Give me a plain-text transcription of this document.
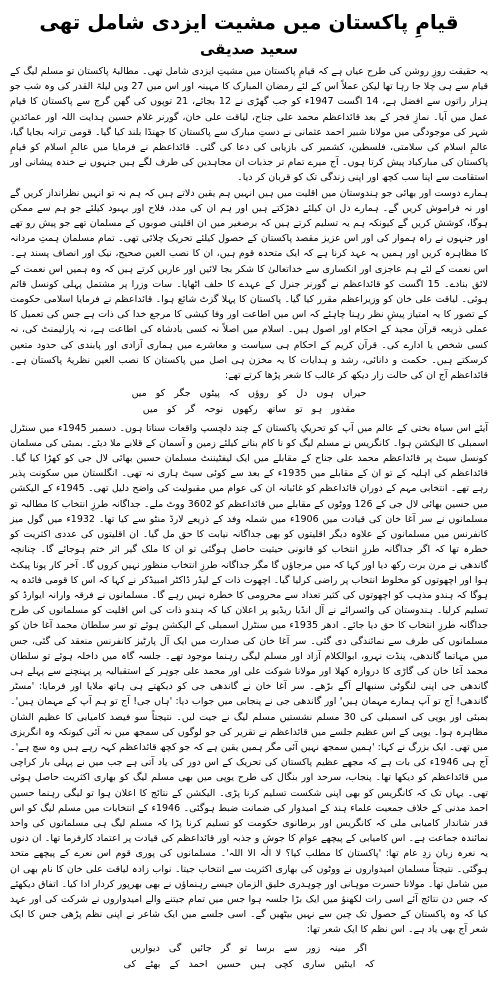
قیامِ پاکستان میں مشیت ایزدی شامل تھی
سعید صدیقی

یہ حقیقت روزِ روشن کی طرح عیاں ہے کہ قیامِ پاکستان میں مشیتِ ایزدی شامل تھی۔ مطالبۂ پاکستان تو مسلم لیگ کے قیام سے ہی چلا جا رہا تھا لیکن عملاً اس کے لئے رمضان المبارک کا مہینہ اور اس میں 27 ویں لیلۃ القدر کی وہ شب جو ہزار راتوں سے افضل ہے، 14 اگست 1947ء کو جب گھڑی نے 12 بجائے، 21 توپوں کی گھن گرج سے پاکستان کا قیام عمل میں آیا۔ نمازِ فجر کے بعد قائداعظم محمد علی جناح، لیاقت علی خان، گورنر غلام حسین ہدایت اللہ اور عمائدینِ شہر کی موجودگی میں مولانا شبیر احمد عثمانی نے دستِ مبارک سے پاکستان کا جھنڈا بلند کیا گیا۔ قومی ترانہ بجایا گیا، عالمِ اسلام کی سلامتی، فلسطین، کشمیر کی بازیابی کی دعا کی گئی۔ قائداعظم نے فرمایا میں عالمِ اسلام کو قیامِ پاکستان کی مبارکباد پیش کرتا ہوں۔ آج میرے تمام تر جذبات ان مجاہدین کی طرف لگے ہیں جنہوں نے خندہ پیشانی اور استقامت سے اپنا سب کچھ اور اپنی زندگی تک کو قربان کر دیا۔

ہمارے دوست اور بھائی جو ہندوستان میں اقلیت میں ہیں انہیں ہم یقین دلاتے ہیں کہ ہم نہ تو انہیں نظرانداز کریں گے اور نہ فراموش کریں گے۔ ہمارے دل ان کیلئے دھڑکتے ہیں اور ہم ان کی مدد، فلاح اور بہبود کیلئے جو ہم سے ممکن ہوگا، کوشش کریں گے کیونکہ ہم یہ تسلیم کرتے ہیں کہ برصغیر میں ان اقلیتی صوبوں کے مسلمان تھے جو پیش رو تھے اور جنہوں نے راہ ہموار کی اور اس عزیز مقصد پاکستان کے حصول کیلئے تحریک چلائی تھی۔ تمام مسلمان ہمتِ مردانہ کا مظاہرہ کریں اور ہمیں یہ عہد کرنا ہے کہ ایک متحدہ قوم ہیں، ان کا نصب العین صحیح، نیک اور انصاف پسند ہے۔ اس نعمت کے لئے ہم عاجزی اور انکساری سے خداتعالیٰ کا شکر بجا لائیں اور عاریں کرتے ہیں کہ وہ ہمیں اس نعمت کے لائق بنادے۔ 15 اگست کو قائداعظم نے گورنر جنرل کے عہدے کا حلف اٹھایا۔ سات وزرا پر مشتمل پہلی کونسل قائم ہوئی۔ لیاقت علی خان کو وزیراعظم مقرر کیا گیا۔ پاکستان کا پہلا گزٹ شائع ہوا۔ قائداعظم نے فرمایا اسلامی حکومت کے تصور کا یہ امتیاز پیشِ نظر رہنا چاہئے کہ اس میں اطاعت اور وفا کیشی کا مرجع خدا کی ذات ہے جس کی تعمیل کا عملی ذریعہ قرآن مجید کے احکام اور اصول ہیں۔ اسلام میں اصلاً نہ کسی بادشاہ کی اطاعت ہے، نہ پارلیمنٹ کی، نہ کسی شخص یا ادارے کی۔ قرآن کریم کے احکام ہی سیاست و معاشرے میں ہماری آزادی اور پابندی کی حدود متعین کرسکتے ہیں۔ حکمت و دانائی، رشد و ہدایات کا یہ مخزن ہی اصل میں پاکستان کا نصب العین نظریۂ پاکستان ہے۔ قائداعظم آج ان کی حالت زار دیکھ کر غالب کا شعر پڑھا کرتے تھے:

حیراں ہوں دل کو روؤں کہ پیٹوں جگر کو میں
مقدور ہو تو ساتھ رکھوں نوحہ گر کو میں

آیئے اس سیاہ بختی کے عالم میں آپ کو تحریکِ پاکستان کے چند دلچسپ واقعات سناتا ہوں۔ دسمبر 1945ء میں سنٹرل اسمبلی کا الیکشن ہوا۔ کانگریس نے مسلم لیگ کو نا کام بنانے کیلئے زمین و آسمان کے قلابے ملا دیئے۔ بمبئی کی مسلمان کونسل سیٹ پر قائداعظم محمد علی جناح کے مقابلے میں ایک لیفٹیننٹ مسلمان حسین بھائی لال جی کو کھڑا کیا گیا۔ قائداعظم کی اہلیہ کے تو ان کے مقابلے میں 1935ء کے بعد سے کوئی سیٹ ہاری نہ تھی۔ انگلستان میں سکونت پذیر رہے تھے۔ انتخابی مہم کے دوران قائداعظم کو غائبانہ ان کی عوام میں مقبولیت کی واضح دلیل تھی۔ 1945ء کے الیکشن میں حسین بھائی لال جی کے 126 ووٹوں کے مقابلے میں قائداعظم کو 3602 ووٹ ملے۔ جداگانہ طرزِ انتخاب کا مطالبہ تو مسلمانوں نے سر آغا خان کی قیادت میں 1906ء میں شملہ وفد کے ذریعے لارڈ منٹو سے کیا تھا۔ 1932ء میں گول میز کانفرنس میں مسلمانوں کے علاوہ دیگر اقلیتوں کو بھی جداگانہ نیابت کا حق مل گیا۔ ان اقلیتوں کی عددی اکثریت کو خطرہ تھا کہ اگر جداگانہ طرزِ انتخاب کو قانونی حیثیت حاصل ہوگئی تو ان کا ملک گیر اثر ختم ہوجائے گا۔ چنانچہ گاندھی نے مرن برت رکھ دیا اور کہا کہ میں مرجاؤں گا مگر جداگانہ طرزِ انتخاب منظور نہیں کروں گا۔ آخر کار پونا پیکٹ ہوا اور اچھوتوں کو مخلوط انتخاب پر راضی کرلیا گیا۔ اچھوت ذات کے لیڈر ڈاکٹر امبیڈکر نے کہا کہ اس کا قومی فائدہ یہ ہوگا کہ ہندو مذہب کو اچھوتوں کی کثیر تعداد سے محرومی کا خطرہ نہیں رہے گا۔ مسلمانوں نے فرقہ وارانہ ایوارڈ کو تسلیم کرلیا۔ ہندوستان کی وائسرائے نے آل انڈیا ریڈیو پر اعلان کیا کہ ہندو ذات کی اس اقلیت کو مسلمانوں کی طرح جداگانہ طرزِ انتخاب کا حق دیا جائے۔ ادھر 1935ء میں سنٹرل اسمبلی کے الیکشن ہوئے تو سر سلطان محمد آغا خان کو مسلمانوں کی طرف سے نمائندگی دی گئی۔ سر آغا خان کی صدارت میں ایک آل پارٹیز کانفرنس منعقد کی گئی، جس میں مہاتما گاندھی، پنڈت نہرو، ابوالکلام آزاد اور مسلم لیگی رہنما موجود تھے۔ جلسہ گاہ میں داخلہ ہوئے تو سلطان محمد آغا خان کی گاڑی کا دروازہ کھلا اور مولانا شوکت علی اور محمد علی جوہر کے استقبالیہ پر پہنچنے سے پہلے ہی گاندھی جی اپنی لنگوٹی سنبھالے آگے بڑھے۔ سر آغا خان نے گاندھی جی کو دیکھتے ہی ہاتھ ملایا اور فرمایا: 'مسٹر گاندھی! آج تو آپ ہمارے مہمان ہیں' اور گاندھی جی نے پنجابی میں جواب دیا: 'ہاں جی! آج تو ہم آپ کے مہمان ہیں'۔ بمبئی اور یوپی کی اسمبلی کی 30 مسلم نشستیں مسلم لیگ نے جیت لیں۔ نتیجتاً سو فیصد کامیابی کا عظیم الشان مظاہرہ ہوا۔ یوپی کے اس عظیم جلسے میں قائداعظم نے تقریر کی جو لوگوں کی سمجھ میں نہ آئی کیونکہ وہ انگریزی میں تھی۔ ایک بزرگ نے کہا: 'ہمیں سمجھ نہیں آئی مگر ہمیں یقین ہے کہ جو کچھ قائداعظم کہہ رہے ہیں وہ سچ ہے'۔ آج ہی 1946ء کی بات ہے کہ مجھے عظیم پاکستان کی تحریک کے اس دور کی یاد آتی ہے جب میں نے پہلی بار کراچی میں قائداعظم کو دیکھا تھا۔ پنجاب، سرحد اور بنگال کی طرح یوپی میں بھی مسلم لیگ کو بھاری اکثریت حاصل ہوئی تھی۔ یہاں تک کہ کانگریس کو بھی اپنی شکست تسلیم کرنا پڑی۔ الیکشن کے نتائج کا اعلان ہوا تو لیگی رہنما حسین احمد مدنی کے خلاف جمعیت علماء ہند کے امیدوار کی ضمانت ضبط ہوگئی۔ 1946ء کے انتخابات میں مسلم لیگ کو اس قدر شاندار کامیابی ملی کہ کانگریس اور برطانوی حکومت کو تسلیم کرنا پڑا کہ مسلم لیگ ہی مسلمانوں کی واحد نمائندہ جماعت ہے۔ اس کامیابی کے پیچھے عوام کا جوش و جذبہ اور قائداعظم کی قیادت پر اعتماد کارفرما تھا۔ ان دنوں یہ نعرہ زبان زدِ عام تھا: 'پاکستان کا مطلب کیا؟ لا الٰہ الا اللہ'۔ مسلمانوں کی پوری قوم اس نعرے کے پیچھے متحد ہوگئی۔ نتیجتاً مسلمان امیدواروں نے ووٹوں کی بھاری اکثریت سے انتخاب جیتا۔ نواب زادہ لیاقت علی خان کا نام بھی ان میں شامل تھا۔ مولانا حسرت موہانی اور چوہدری خلیق الزمان جیسے رہنماؤں نے بھی بھرپور کردار ادا کیا۔ اتفاق دیکھئے کہ جس دن نتائج آئے اسی رات لکھنؤ میں ایک بڑا جلسہ ہوا جس میں تمام جیتنے والے امیدواروں نے شرکت کی اور عہد کیا کہ وہ پاکستان کے حصول تک چین سے نہیں بیٹھیں گے۔ اسی جلسے میں ایک شاعر نے اپنی نظم پڑھی جس کا ایک شعر آج بھی یاد ہے۔ اس نظم کا ایک شعر تھا:

اگر مینہ زور سے برسا تو گر جائیں گی دیواریں
کہ اینٹیں ساری کچی ہیں حسین احمد کے بھٹے کی
